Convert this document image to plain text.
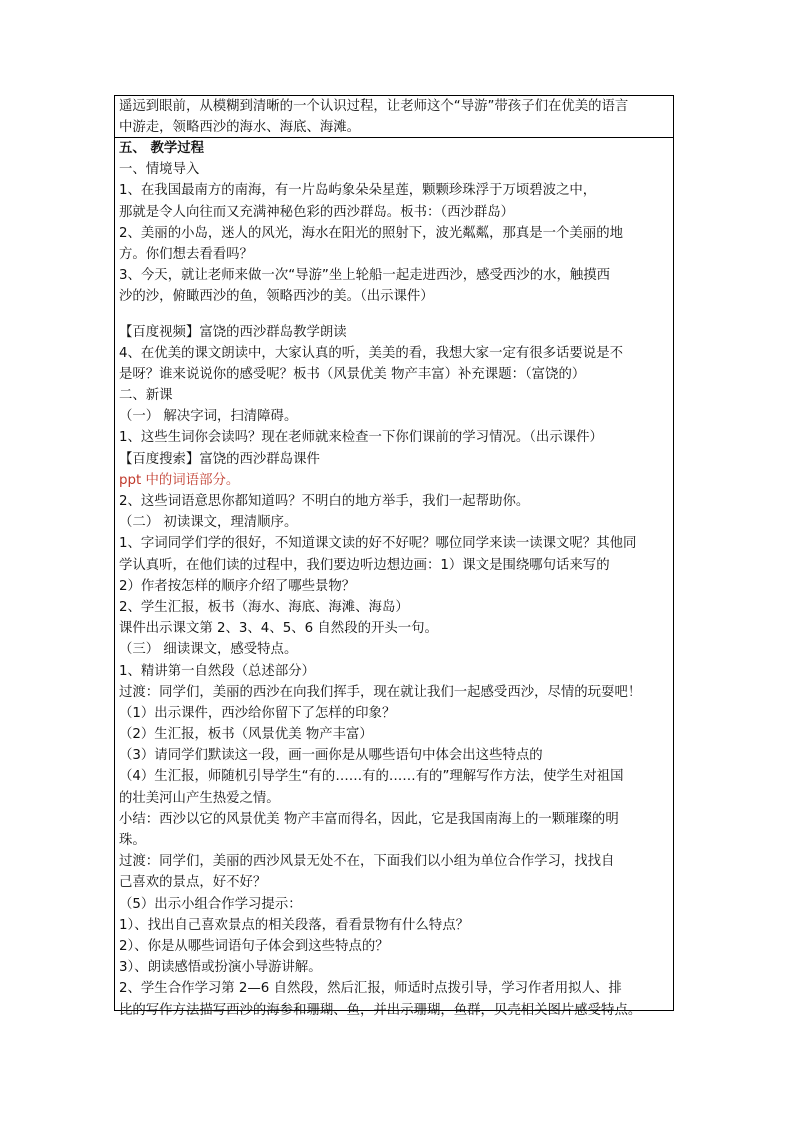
遥远到眼前，从模糊到清晰的一个认识过程，让老师这个“导游”带孩子们在优美的语言
中游走，领略西沙的海水、海底、海滩。
五、 教学过程
一、情境导入
1、在我国最南方的南海，有一片岛屿象朵朵星莲，颗颗珍珠浮于万顷碧波之中，
那就是令人向往而又充满神秘色彩的西沙群岛。板书：（西沙群岛）
2、美丽的小岛，迷人的风光，海水在阳光的照射下，波光粼粼，那真是一个美丽的地
方。你们想去看看吗？
3、今天，就让老师来做一次“导游”坐上轮船一起走进西沙，感受西沙的水，触摸西
沙的沙，俯瞰西沙的鱼，领略西沙的美。（出示课件）
【百度视频】富饶的西沙群岛教学朗读
4、在优美的课文朗读中，大家认真的听，美美的看，我想大家一定有很多话要说是不
是呀？谁来说说你的感受呢？板书（风景优美 物产丰富）补充课题：（富饶的）
二、新课
（一） 解决字词，扫清障碍。
1、这些生词你会读吗？现在老师就来检查一下你们课前的学习情况。（出示课件）
【百度搜索】富饶的西沙群岛课件
ppt 中的词语部分。
2、这些词语意思你都知道吗？不明白的地方举手，我们一起帮助你。
（二） 初读课文，理清顺序。
1、字词同学们学的很好，不知道课文读的好不好呢？哪位同学来读一读课文呢？其他同
学认真听，在他们读的过程中，我们要边听边想边画：1）课文是围绕哪句话来写的
2）作者按怎样的顺序介绍了哪些景物？
2、学生汇报，板书（海水、海底、海滩、海岛）
课件出示课文第 2、3、4、5、6 自然段的开头一句。
（三） 细读课文，感受特点。
1、精讲第一自然段（总述部分）
过渡：同学们，美丽的西沙在向我们挥手，现在就让我们一起感受西沙，尽情的玩耍吧！
（1）出示课件，西沙给你留下了怎样的印象？
（2）生汇报，板书（风景优美 物产丰富）
（3）请同学们默读这一段，画一画你是从哪些语句中体会出这些特点的
（4）生汇报，师随机引导学生“有的……有的……有的”理解写作方法，使学生对祖国
的壮美河山产生热爱之情。
小结：西沙以它的风景优美 物产丰富而得名，因此，它是我国南海上的一颗璀璨的明
珠。
过渡：同学们，美丽的西沙风景无处不在，下面我们以小组为单位合作学习，找找自
己喜欢的景点，好不好？
（5）出示小组合作学习提示：
1）、找出自己喜欢景点的相关段落，看看景物有什么特点？
2）、你是从哪些词语句子体会到这些特点的？
3）、朗读感悟或扮演小导游讲解。
2、学生合作学习第 2—6 自然段，然后汇报，师适时点拨引导，学习作者用拟人、排
比的写作方法描写西沙的海参和珊瑚、鱼，并出示珊瑚，鱼群，贝壳相关图片感受特点。
